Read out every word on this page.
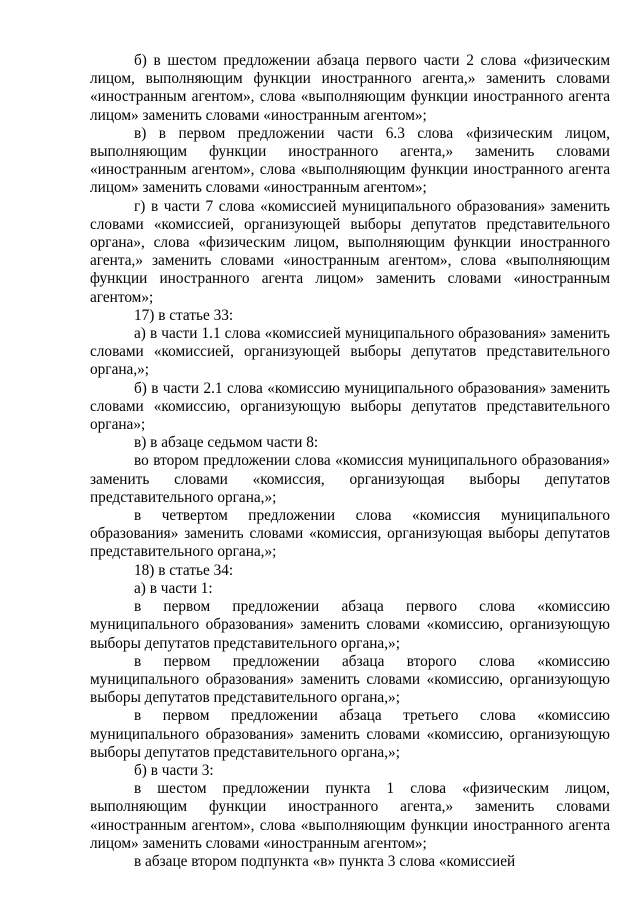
б) в шестом предложении абзаца первого части 2 слова «физическим лицом, выполняющим функции иностранного агента,» заменить словами «иностранным агентом», слова «выполняющим функции иностранного агента лицом» заменить словами «иностранным агентом»;

в) в первом предложении части 6.3 слова «физическим лицом, выполняющим функции иностранного агента,» заменить словами «иностранным агентом», слова «выполняющим функции иностранного агента лицом» заменить словами «иностранным агентом»;

г) в части 7 слова «комиссией муниципального образования» заменить словами «комиссией, организующей выборы депутатов представительного органа», слова «физическим лицом, выполняющим функции иностранного агента,» заменить словами «иностранным агентом», слова «выполняющим функции иностранного агента лицом» заменить словами «иностранным агентом»;

17) в статье 33:

а) в части 1.1 слова «комиссией муниципального образования» заменить словами «комиссией, организующей выборы депутатов представительного органа,»;

б) в части 2.1 слова «комиссию муниципального образования» заменить словами «комиссию, организующую выборы депутатов представительного органа»;

в) в абзаце седьмом части 8:

во втором предложении слова «комиссия муниципального образования» заменить словами «комиссия, организующая выборы депутатов представительного органа,»;

в четвертом предложении слова «комиссия муниципального образования» заменить словами «комиссия, организующая выборы депутатов представительного органа,»;

18) в статье 34:

а) в части 1:

в первом предложении абзаца первого слова «комиссию муниципального образования» заменить словами «комиссию, организующую выборы депутатов представительного органа,»;

в первом предложении абзаца второго слова «комиссию муниципального образования» заменить словами «комиссию, организующую выборы депутатов представительного органа,»;

в первом предложении абзаца третьего слова «комиссию муниципального образования» заменить словами «комиссию, организующую выборы депутатов представительного органа,»;

б) в части 3:

в шестом предложении пункта 1 слова «физическим лицом, выполняющим функции иностранного агента,» заменить словами «иностранным агентом», слова «выполняющим функции иностранного агента лицом» заменить словами «иностранным агентом»;

в абзаце втором подпункта «в» пункта 3 слова «комиссией
